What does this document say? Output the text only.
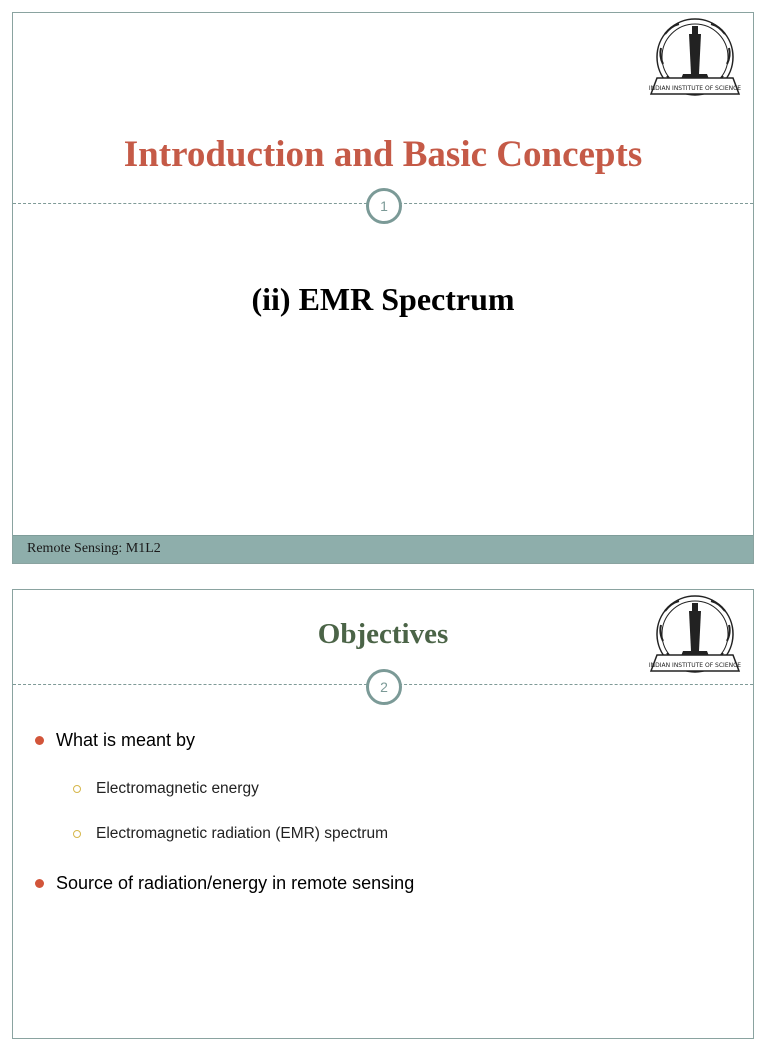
INDIAN INSTITUTE OF SCIENCE
Introduction and Basic Concepts
1
(ii) EMR Spectrum
Remote Sensing: M1L2
INDIAN INSTITUTE OF SCIENCE
Objectives
2
What is meant by
Electromagnetic energy
Electromagnetic radiation (EMR) spectrum
Source of radiation/energy in remote sensing
